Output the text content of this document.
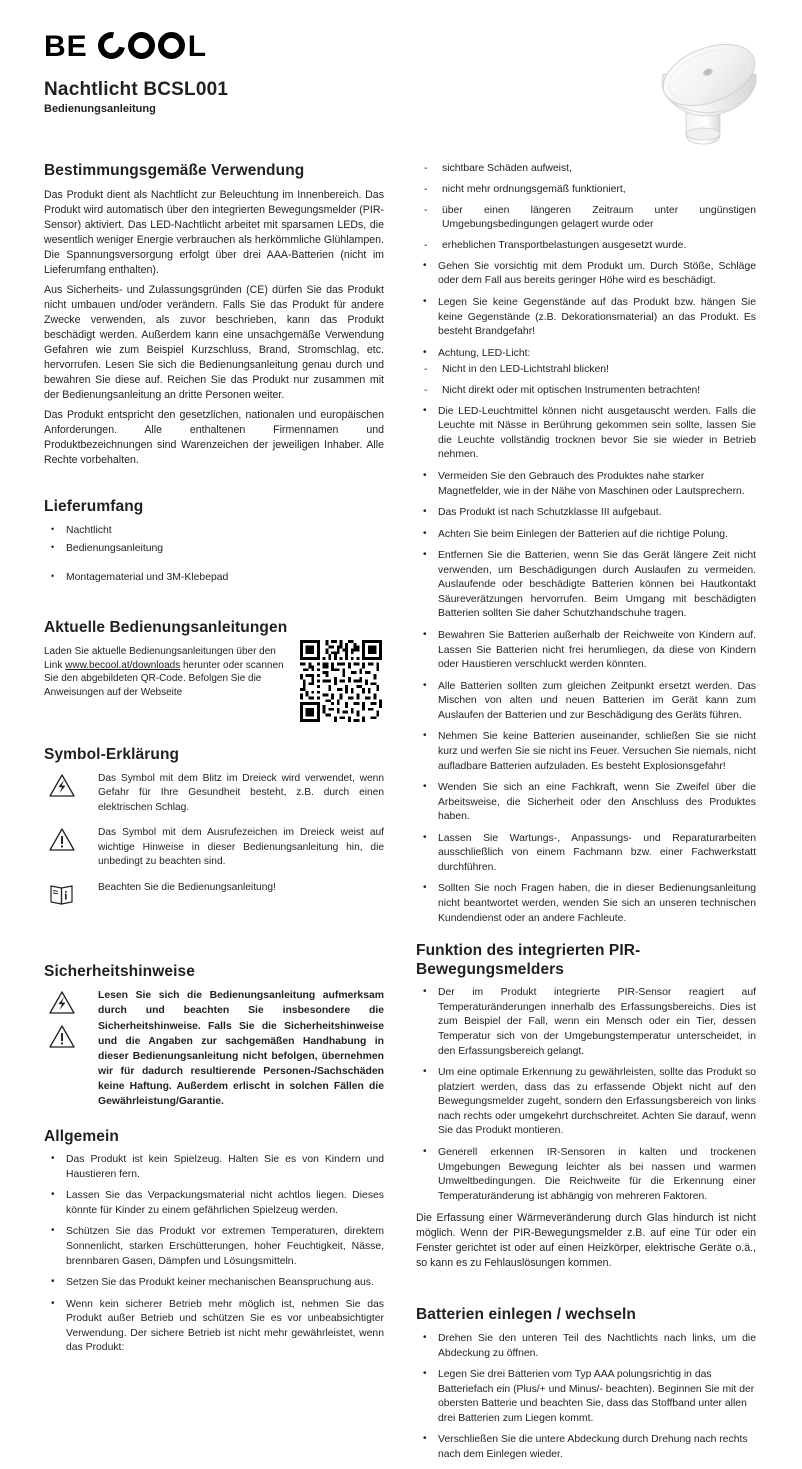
BE	L
Nachtlicht BCSL001
Bedienungsanleitung
Bestimmungsgemäße Verwendung

Das Produkt dient als Nachtlicht zur Beleuchtung im Innenbereich. Das Produkt wird automatisch über den integrierten Bewegungsmelder (PIR-Sensor) aktiviert. Das LED-Nachtlicht arbeitet mit sparsamen LEDs, die wesentlich weniger Energie verbrauchen als herkömmliche Glühlampen. Die Spannungsversorgung erfolgt über drei AAA-Batterien (nicht im Lieferumfang enthalten).

Aus Sicherheits- und Zulassungsgründen (CE) dürfen Sie das Produkt nicht umbauen und/oder verändern. Falls Sie das Produkt für andere Zwecke verwenden, als zuvor beschrieben, kann das Produkt beschädigt werden. Außerdem kann eine unsachgemäße Verwendung Gefahren wie zum Beispiel Kurzschluss, Brand, Stromschlag, etc. hervorrufen. Lesen Sie sich die Bedienungsanleitung genau durch und bewahren Sie diese auf. Reichen Sie das Produkt nur zusammen mit der Bedienungsanleitung an dritte Personen weiter.

Das Produkt entspricht den gesetzlichen, nationalen und europäischen Anforderungen. Alle enthaltenen Firmennamen und Produktbezeichnungen sind Warenzeichen der jeweiligen Inhaber. Alle Rechte vorbehalten.

Lieferumfang
• Nachtlicht
• Bedienungsanleitung
• Montagematerial und 3M-Klebepad
Aktuelle Bedienungsanleitungen

Laden Sie aktuelle Bedienungsanleitungen über den Link www.becool.at/downloads herunter oder scannen Sie den abgebildeten QR-Code. Befolgen Sie die Anweisungen auf der Webseite

Symbol-Erklärung
Das Symbol mit dem Blitz im Dreieck wird verwendet, wenn Gefahr für Ihre Gesundheit besteht, z.B. durch einen elektrischen Schlag.
Das Symbol mit dem Ausrufezeichen im Dreieck weist auf wichtige Hinweise in dieser Bedienungsanleitung hin, die unbedingt zu beachten sind.
Beachten Sie die Bedienungsanleitung!
Sicherheitshinweise
Lesen Sie sich die Bedienungsanleitung aufmerksam durch und beachten Sie insbesondere die Sicherheitshinweise. Falls Sie die Sicherheitshinweise und die Angaben zur sachgemäßen Handhabung in dieser Bedienungsanleitung nicht befolgen, übernehmen wir für dadurch resultierende Personen-/Sachschäden keine Haftung. Außerdem erlischt in solchen Fällen die Gewährleistung/Garantie.
Allgemein
• Das Produkt ist kein Spielzeug. Halten Sie es von Kindern und Haustieren fern.
• Lassen Sie das Verpackungsmaterial nicht achtlos liegen. Dieses könnte für Kinder zu einem gefährlichen Spielzeug werden.
• Schützen Sie das Produkt vor extremen Temperaturen, direktem Sonnenlicht, starken Erschütterungen, hoher Feuchtigkeit, Nässe, brennbaren Gasen, Dämpfen und Lösungsmitteln.
• Setzen Sie das Produkt keiner mechanischen Beanspruchung aus.
• Wenn kein sicherer Betrieb mehr möglich ist, nehmen Sie das Produkt außer Betrieb und schützen Sie es vor unbeabsichtigter Verwendung. Der sichere Betrieb ist nicht mehr gewährleistet, wenn das Produkt:
- sichtbare Schäden aufweist,
- nicht mehr ordnungsgemäß funktioniert,
- über einen längeren Zeitraum unter ungünstigen Umgebungsbedingungen gelagert wurde oder
- erheblichen Transportbelastungen ausgesetzt wurde.
• Gehen Sie vorsichtig mit dem Produkt um. Durch Stöße, Schläge oder dem Fall aus bereits geringer Höhe wird es beschädigt.
• Legen Sie keine Gegenstände auf das Produkt bzw. hängen Sie keine Gegenstände (z.B. Dekorationsmaterial) an das Produkt. Es besteht Brandgefahr!
• Achtung, LED-Licht:
- Nicht in den LED-Lichtstrahl blicken!
- Nicht direkt oder mit optischen Instrumenten betrachten!
• Die LED-Leuchtmittel können nicht ausgetauscht werden. Falls die Leuchte mit Nässe in Berührung gekommen sein sollte, lassen Sie die Leuchte vollständig trocknen bevor Sie sie wieder in Betrieb nehmen.
• Vermeiden Sie den Gebrauch des Produktes nahe starker Magnetfelder, wie in der Nähe von Maschinen oder Lautsprechern.
• Das Produkt ist nach Schutzklasse III aufgebaut.
• Achten Sie beim Einlegen der Batterien auf die richtige Polung.
• Entfernen Sie die Batterien, wenn Sie das Gerät längere Zeit nicht verwenden, um Beschädigungen durch Auslaufen zu vermeiden. Auslaufende oder beschädigte Batterien können bei Hautkontakt Säureverätzungen hervorrufen. Beim Umgang mit beschädigten Batterien sollten Sie daher Schutzhandschuhe tragen.
• Bewahren Sie Batterien außerhalb der Reichweite von Kindern auf. Lassen Sie Batterien nicht frei herumliegen, da diese von Kindern oder Haustieren verschluckt werden könnten.
• Alle Batterien sollten zum gleichen Zeitpunkt ersetzt werden. Das Mischen von alten und neuen Batterien im Gerät kann zum Auslaufen der Batterien und zur Beschädigung des Geräts führen.
• Nehmen Sie keine Batterien auseinander, schließen Sie sie nicht kurz und werfen Sie sie nicht ins Feuer. Versuchen Sie niemals, nicht aufladbare Batterien aufzuladen. Es besteht Explosionsgefahr!
• Wenden Sie sich an eine Fachkraft, wenn Sie Zweifel über die Arbeitsweise, die Sicherheit oder den Anschluss des Produktes haben.
• Lassen Sie Wartungs-, Anpassungs- und Reparaturarbeiten ausschließlich von einem Fachmann bzw. einer Fachwerkstatt durchführen.
• Sollten Sie noch Fragen haben, die in dieser Bedienungsanleitung nicht beantwortet werden, wenden Sie sich an unseren technischen Kundendienst oder an andere Fachleute.
Funktion des integrierten PIR-Bewegungsmelders
• Der im Produkt integrierte PIR-Sensor reagiert auf Temperaturänderungen innerhalb des Erfassungsbereichs. Dies ist zum Beispiel der Fall, wenn ein Mensch oder ein Tier, dessen Temperatur sich von der Umgebungstemperatur unterscheidet, in den Erfassungsbereich gelangt.
• Um eine optimale Erkennung zu gewährleisten, sollte das Produkt so platziert werden, dass das zu erfassende Objekt nicht auf den Bewegungsmelder zugeht, sondern den Erfassungsbereich von links nach rechts oder umgekehrt durchschreitet. Achten Sie darauf, wenn Sie das Produkt montieren.
• Generell erkennen IR-Sensoren in kalten und trockenen Umgebungen Bewegung leichter als bei nassen und warmen Umweltbedingungen. Die Reichweite für die Erkennung einer Temperaturänderung ist abhängig von mehreren Faktoren.

Die Erfassung einer Wärmeveränderung durch Glas hindurch ist nicht möglich. Wenn der PIR-Bewegungsmelder z.B. auf eine Tür oder ein Fenster gerichtet ist oder auf einen Heizkörper, elektrische Geräte o.ä., so kann es zu Fehlauslösungen kommen.

Batterien einlegen / wechseln
• Drehen Sie den unteren Teil des Nachtlichts nach links, um die Abdeckung zu öffnen.
• Legen Sie drei Batterien vom Typ AAA polungsrichtig in das Batteriefach ein (Plus/+ und Minus/- beachten). Beginnen Sie mit der obersten Batterie und beachten Sie, dass das Stoffband unter allen drei Batterien zum Liegen kommt.
• Verschließen Sie die untere Abdeckung durch Drehung nach rechts nach dem Einlegen wieder.
